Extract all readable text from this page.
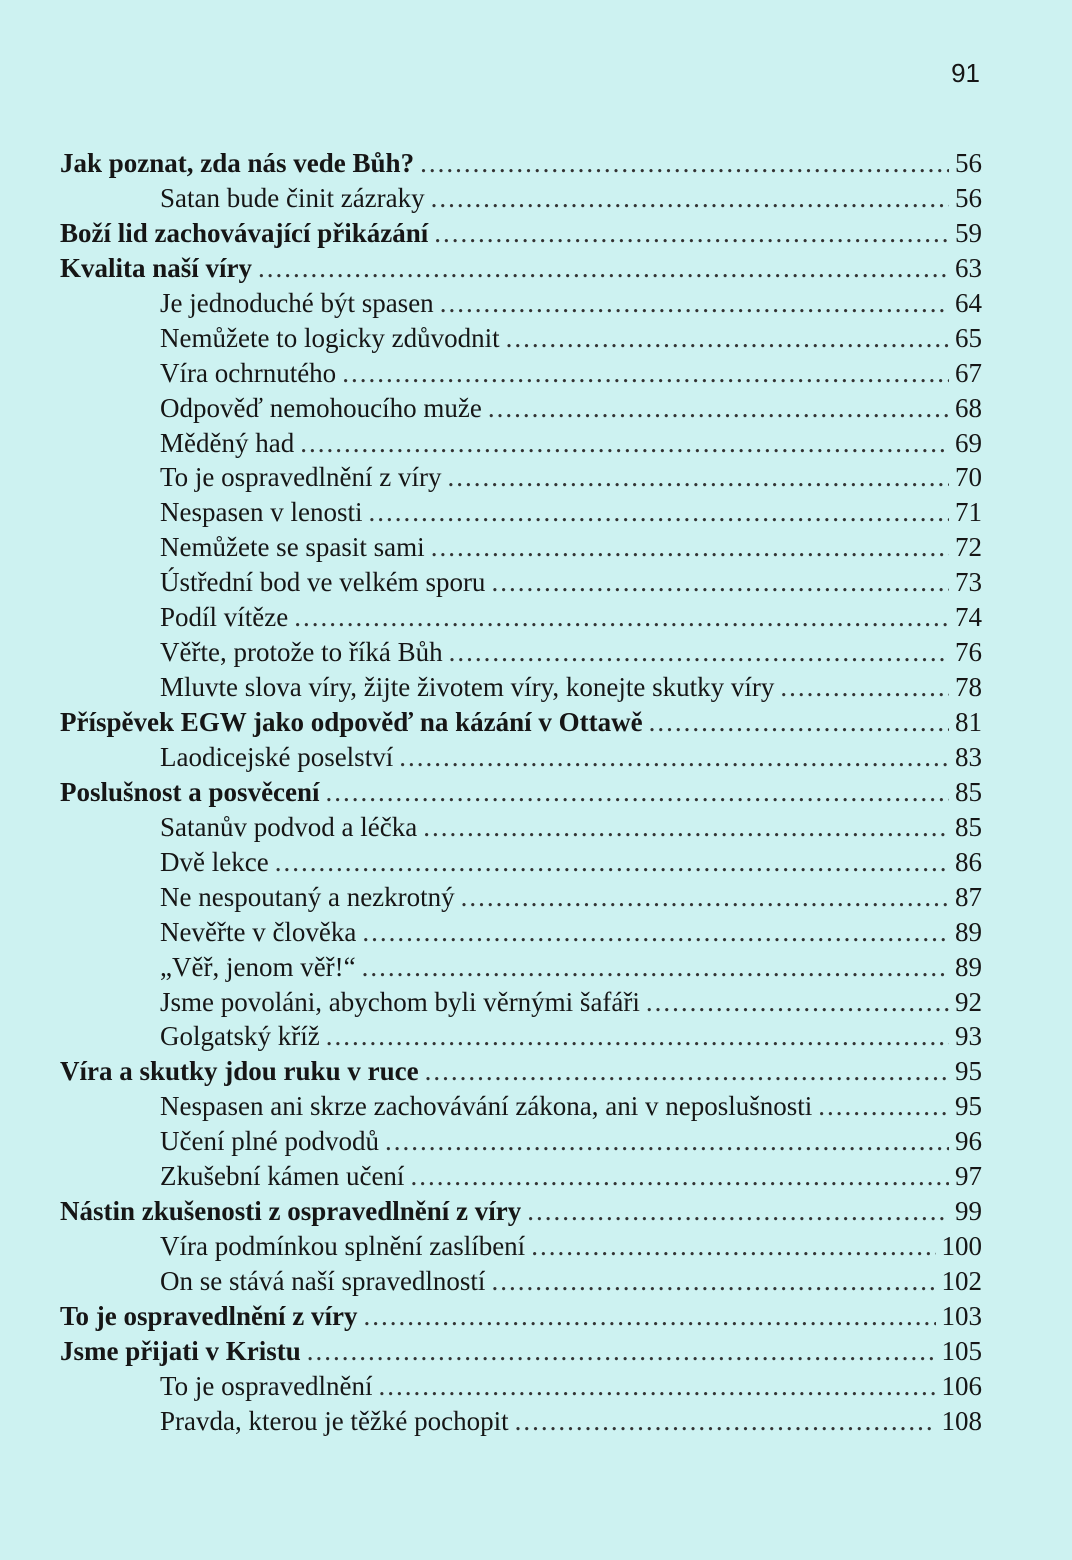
91
Jak poznat, zda nás vede Bůh? .....	56
Satan bude činit zázraky .....	56
Boží lid zachovávající přikázání .....	59
Kvalita naší víry .....	63
Je jednoduché být spasen .....	64
Nemůžete to logicky zdůvodnit .....	65
Víra ochrnutého .....	67
Odpověď nemohoucího muže .....	68
Měděný had .....	69
To je ospravedlnění z víry .....	70
Nespasen v lenosti .....	71
Nemůžete se spasit sami .....	72
Ústřední bod ve velkém sporu .....	73
Podíl vítěze .....	74
Věřte, protože to říká Bůh .....	76
Mluvte slova víry, žijte životem víry, konejte skutky víry .....	78
Příspěvek EGW jako odpověď na kázání v Ottawě .....	81
Laodicejské poselství .....	83
Poslušnost a posvěcení .....	85
Satanův podvod a léčka .....	85
Dvě lekce .....	86
Ne nespoutaný a nezkrotný .....	87
Nevěřte v člověka .....	89
„Věř, jenom věř!“ .....	89
Jsme povoláni, abychom byli věrnými šafáři .....	92
Golgatský kříž .....	93
Víra a skutky jdou ruku v ruce .....	95
Nespasen ani skrze zachovávání zákona, ani v neposlušnosti .....	95
Učení plné podvodů .....	96
Zkušební kámen učení .....	97
Nástin zkušenosti z ospravedlnění z víry .....	99
Víra podmínkou splnění zaslíbení .....	100
On se stává naší spravedlností .....	102
To je ospravedlnění z víry .....	103
Jsme přijati v Kristu .....	105
To je ospravedlnění .....	106
Pravda, kterou je těžké pochopit .....	108
